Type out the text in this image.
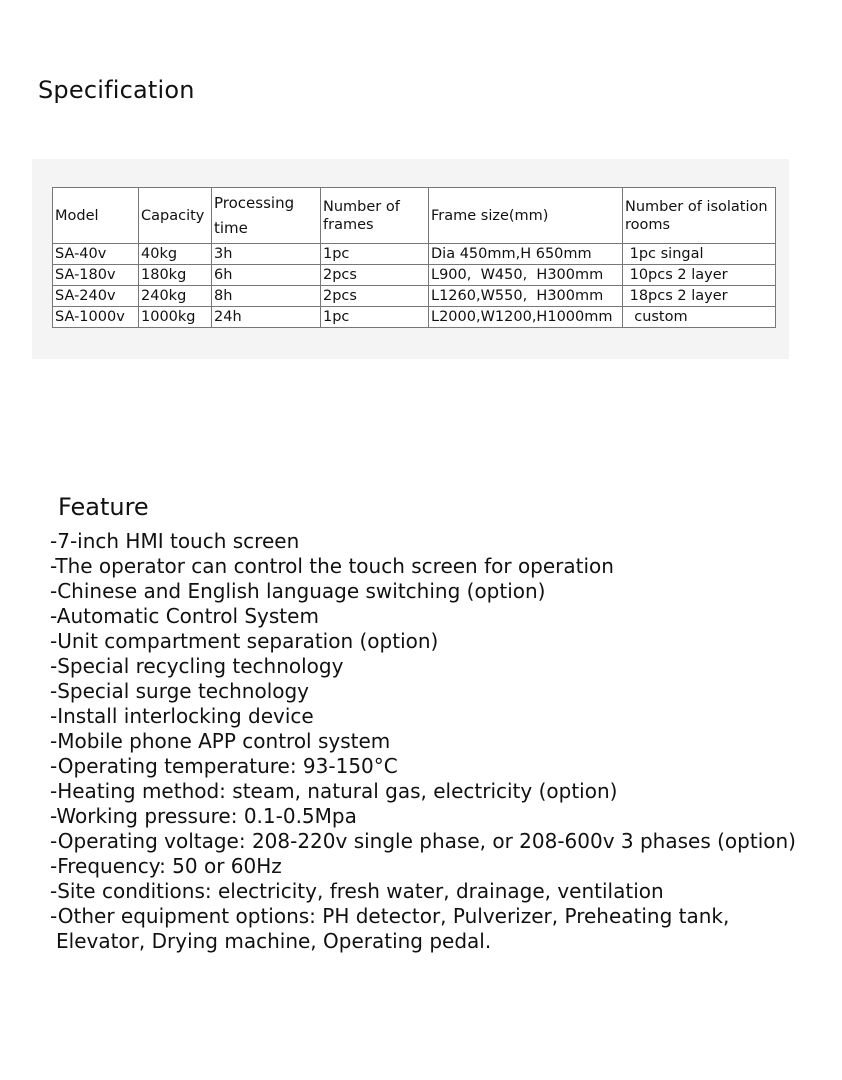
Specification
Model	Capacity	Processing time	Number of frames	Frame size(mm)	Number of isolation rooms
SA-40v	40kg	3h	1pc	Dia 450mm,H 650mm	1pc singal
SA-180v	180kg	6h	2pcs	L900,  W450,  H300mm	10pcs 2 layer
SA-240v	240kg	8h	2pcs	L1260,W550,  H300mm	18pcs 2 layer
SA-1000v	1000kg	24h	1pc	L2000,W1200,H1000mm	custom
Feature
-7-inch HMI touch screen
-The operator can control the touch screen for operation
-Chinese and English language switching (option)
-Automatic Control System
-Unit compartment separation (option)
-Special recycling technology
-Special surge technology
-Install interlocking device
-Mobile phone APP control system
-Operating temperature: 93-150°C
-Heating method: steam, natural gas, electricity (option)
-Working pressure: 0.1-0.5Mpa
-Operating voltage: 208-220v single phase, or 208-600v 3 phases (option)
-Frequency: 50 or 60Hz
-Site conditions: electricity, fresh water, drainage, ventilation
-Other equipment options: PH detector, Pulverizer, Preheating tank,
Elevator, Drying machine, Operating pedal.
